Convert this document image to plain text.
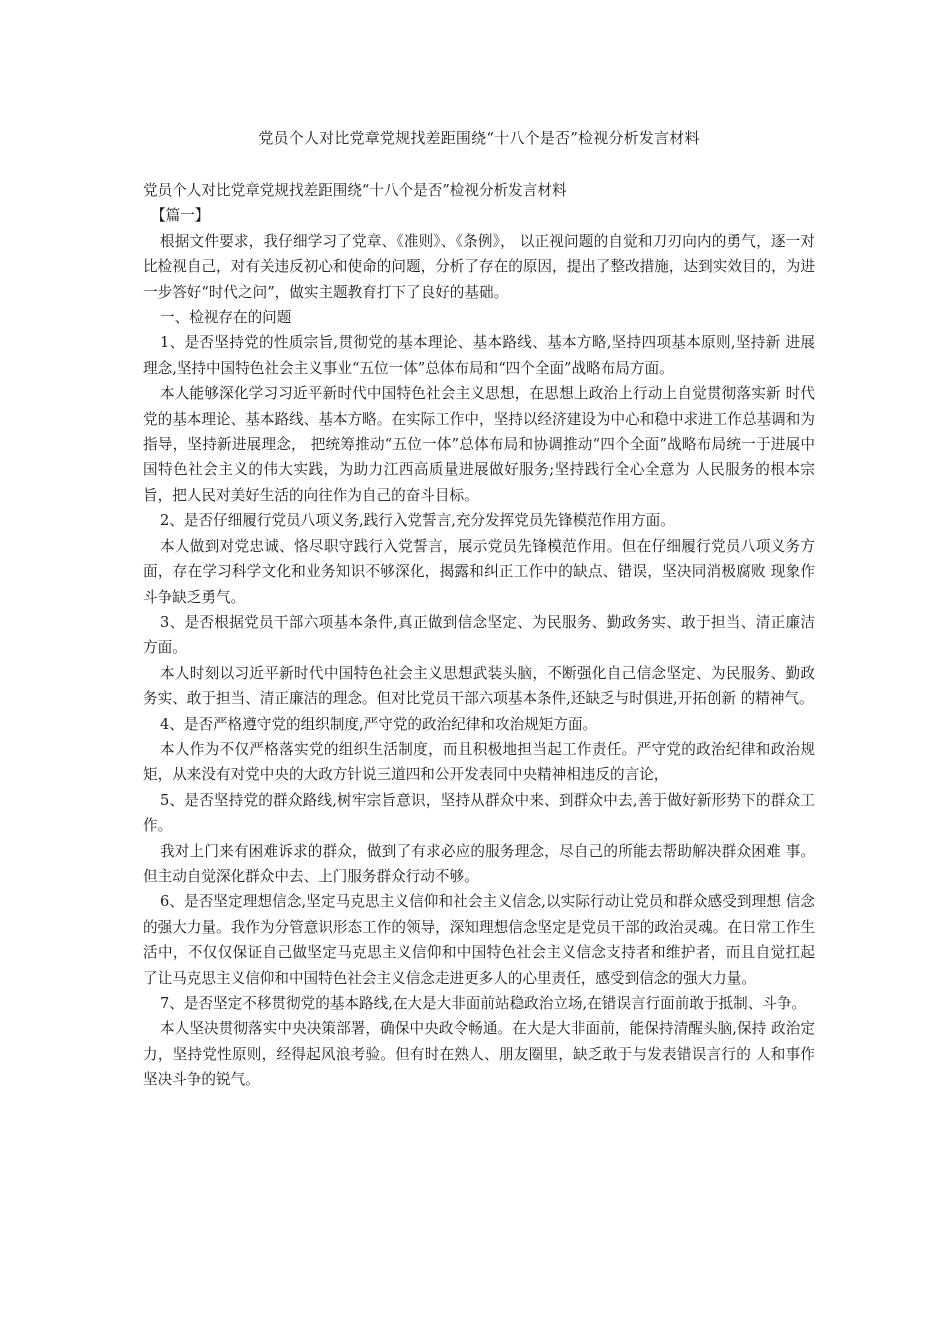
党员个人对比党章党规找差距围绕“十八个是否”检视分析发言材料

党员个人对比党章党规找差距围绕“十八个是否”检视分析发言材料

【篇一】

根据文件要求，我仔细学习了党章、《准则》、《条例》， 以正视问题的自觉和刀刃向内的勇气，逐一对比检视自己，对有关违反初心和使命的问题，分析了存在的原因，提出了整改措施，达到实效目的，为进一步答好“时代之问”，做实主题教育打下了良好的基础。

一、检视存在的问题

1、是否坚持党的性质宗旨,贯彻党的基本理论、基本路线、基本方略,坚持四项基本原则,坚持新 进展理念,坚持中国特色社会主义事业“五位一体”总体布局和“四个全面”战略布局方面。

本人能够深化学习习近平新时代中国特色社会主义思想，在思想上政治上行动上自觉贯彻落实新 时代党的基本理论、基本路线、基本方略。在实际工作中，坚持以经济建设为中心和稳中求进工作总基调和为指导，坚持新进展理念， 把统筹推动“五位一体”总体布局和协调推动“四个全面”战略布局统一于进展中国特色社会主义的伟大实践，为助力江西高质量进展做好服务;坚持践行全心全意为 人民服务的根本宗旨，把人民对美好生活的向往作为自己的奋斗目标。

2、是否仔细履行党员八项义务,践行入党誓言,充分发挥党员先锋模范作用方面。

本人做到对党忠诚、恪尽职守践行入党誓言，展示党员先锋模范作用。但在仔细履行党员八项义务方面，存在学习科学文化和业务知识不够深化，揭露和纠正工作中的缺点、错误，坚决同消极腐败 现象作斗争缺乏勇气。

3、是否根据党员干部六项基本条件,真正做到信念坚定、为民服务、勤政务实、敢于担当、清正廉洁方面。

本人时刻以习近平新时代中国特色社会主义思想武装头脑，不断强化自己信念坚定、为民服务、勤政务实、敢于担当、清正廉洁的理念。但对比党员干部六项基本条件,还缺乏与时俱进,开拓创新 的精神气。

4、是否严格遵守党的组织制度,严守党的政治纪律和攻治规矩方面。

本人作为不仅严格落实党的组织生活制度，而且积极地担当起工作责任。严守党的政治纪律和政治规矩，从来没有对党中央的大政方针说三道四和公开发表同中央精神相违反的言论，

5、是否坚持党的群众路线,树牢宗旨意识，坚持从群众中来、到群众中去,善于做好新形势下的群众工作。

我对上门来有困难诉求的群众，做到了有求必应的服务理念，尽自己的所能去帮助解决群众困难 事。但主动自觉深化群众中去、上门服务群众行动不够。

6、是否坚定理想信念,坚定马克思主义信仰和社会主义信念,以实际行动让党员和群众感受到理想 信念的强大力量。我作为分管意识形态工作的领导，深知理想信念坚定是党员干部的政治灵魂。在日常工作生活中，不仅仅保证自己做坚定马克思主义信仰和中国特色社会主义信念支持者和维护者，而且自觉扛起 了让马克思主义信仰和中国特色社会主义信念走进更多人的心里责任，感受到信念的强大力量。

7、是否坚定不移贯彻党的基本路线,在大是大非面前站稳政治立场,在错误言行面前敢于抵制、斗争。

本人坚决贯彻落实中央决策部署，确保中央政令畅通。在大是大非面前，能保持清醒头脑,保持 政治定力，坚持党性原则，经得起风浪考验。但有时在熟人、朋友圈里，缺乏敢于与发表错误言行的 人和事作坚决斗争的锐气。
